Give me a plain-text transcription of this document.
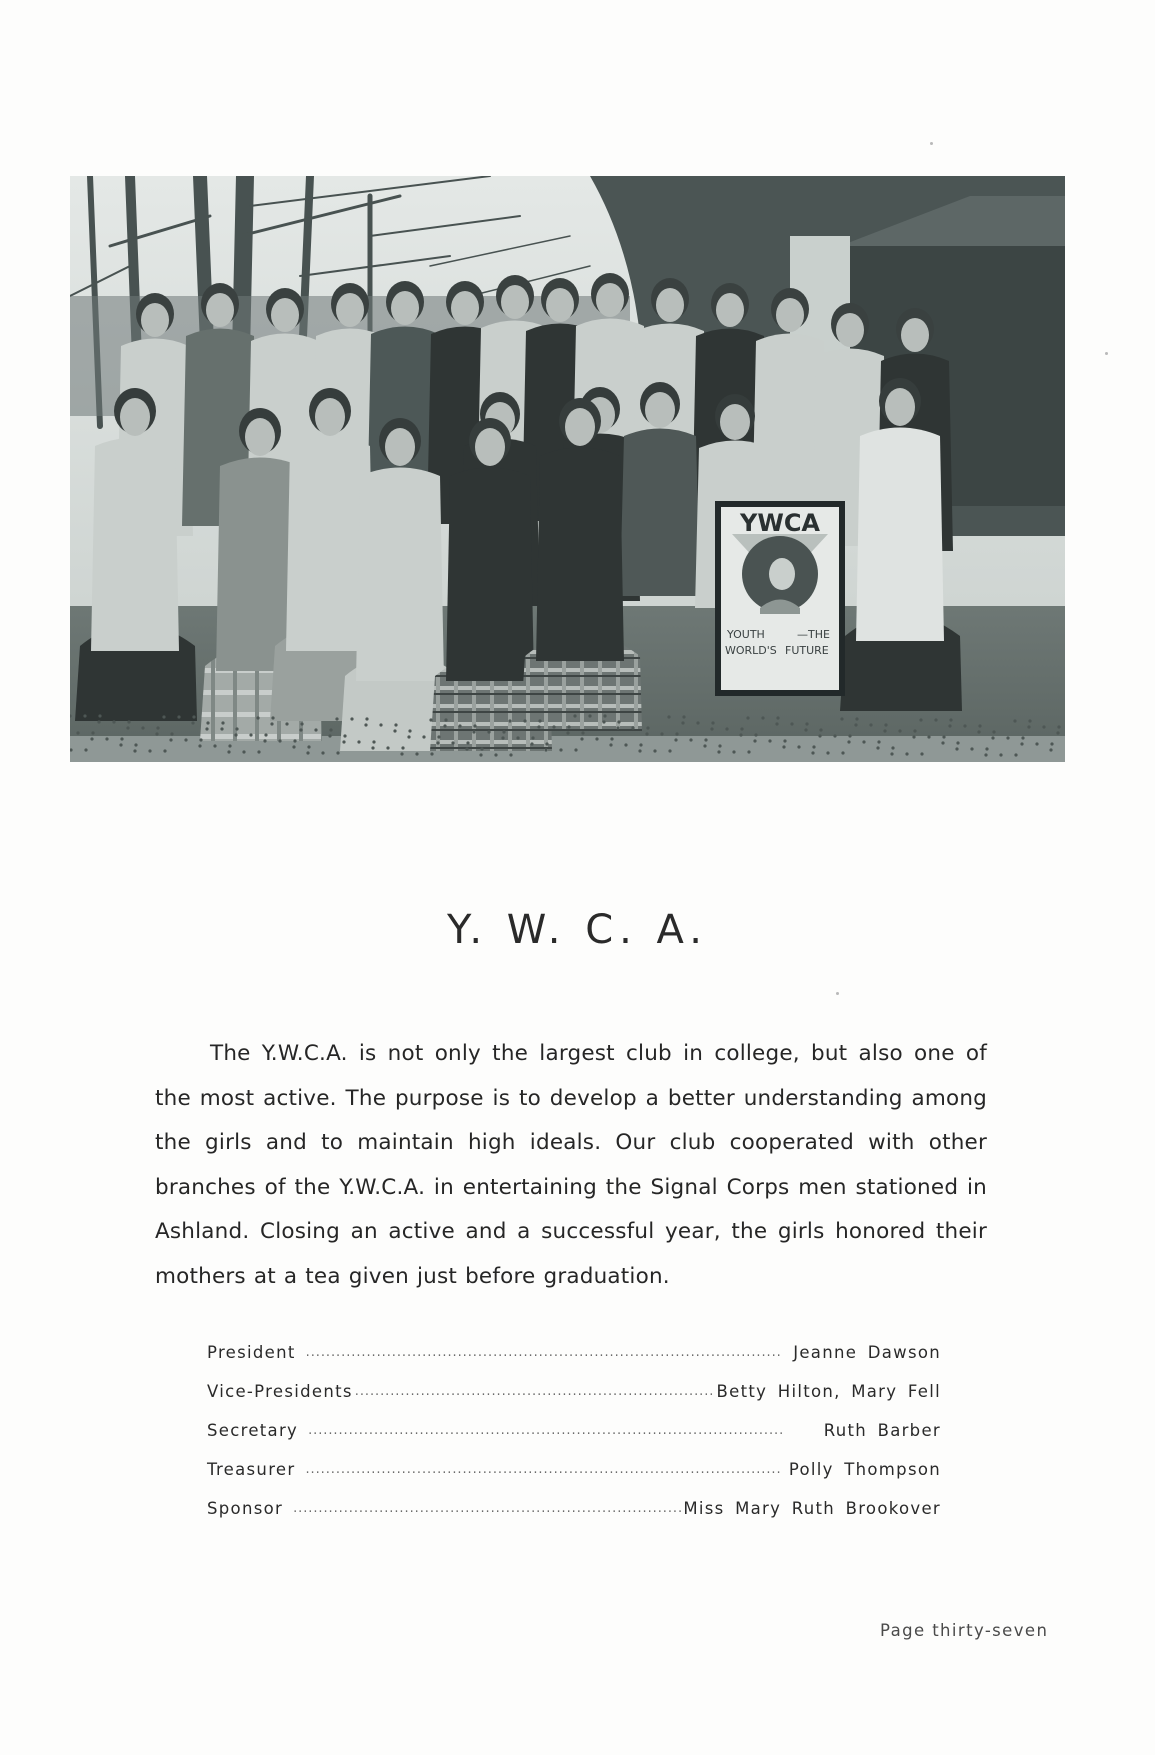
YWCA
YOUTH	—THE
WORLD'S FUTURE
Y. W. C. A.

The Y.W.C.A. is not only the largest club in college, but also one of the most active. The purpose is to develop a better understanding among the girls and to maintain high ideals. Our club cooperated with other branches of the Y.W.C.A. in entertaining the Signal Corps men stationed in Ashland. Closing an active and a successful year, the girls honored their mothers at a tea given just before graduation.

President . . .	Jeanne Dawson
Vice-Presidents . . .	Betty Hilton, Mary Fell
Secretary . . .	Ruth Barber
Treasurer . . .	Polly Thompson
Sponsor . . .	Miss Mary Ruth Brookover
Page thirty-seven
